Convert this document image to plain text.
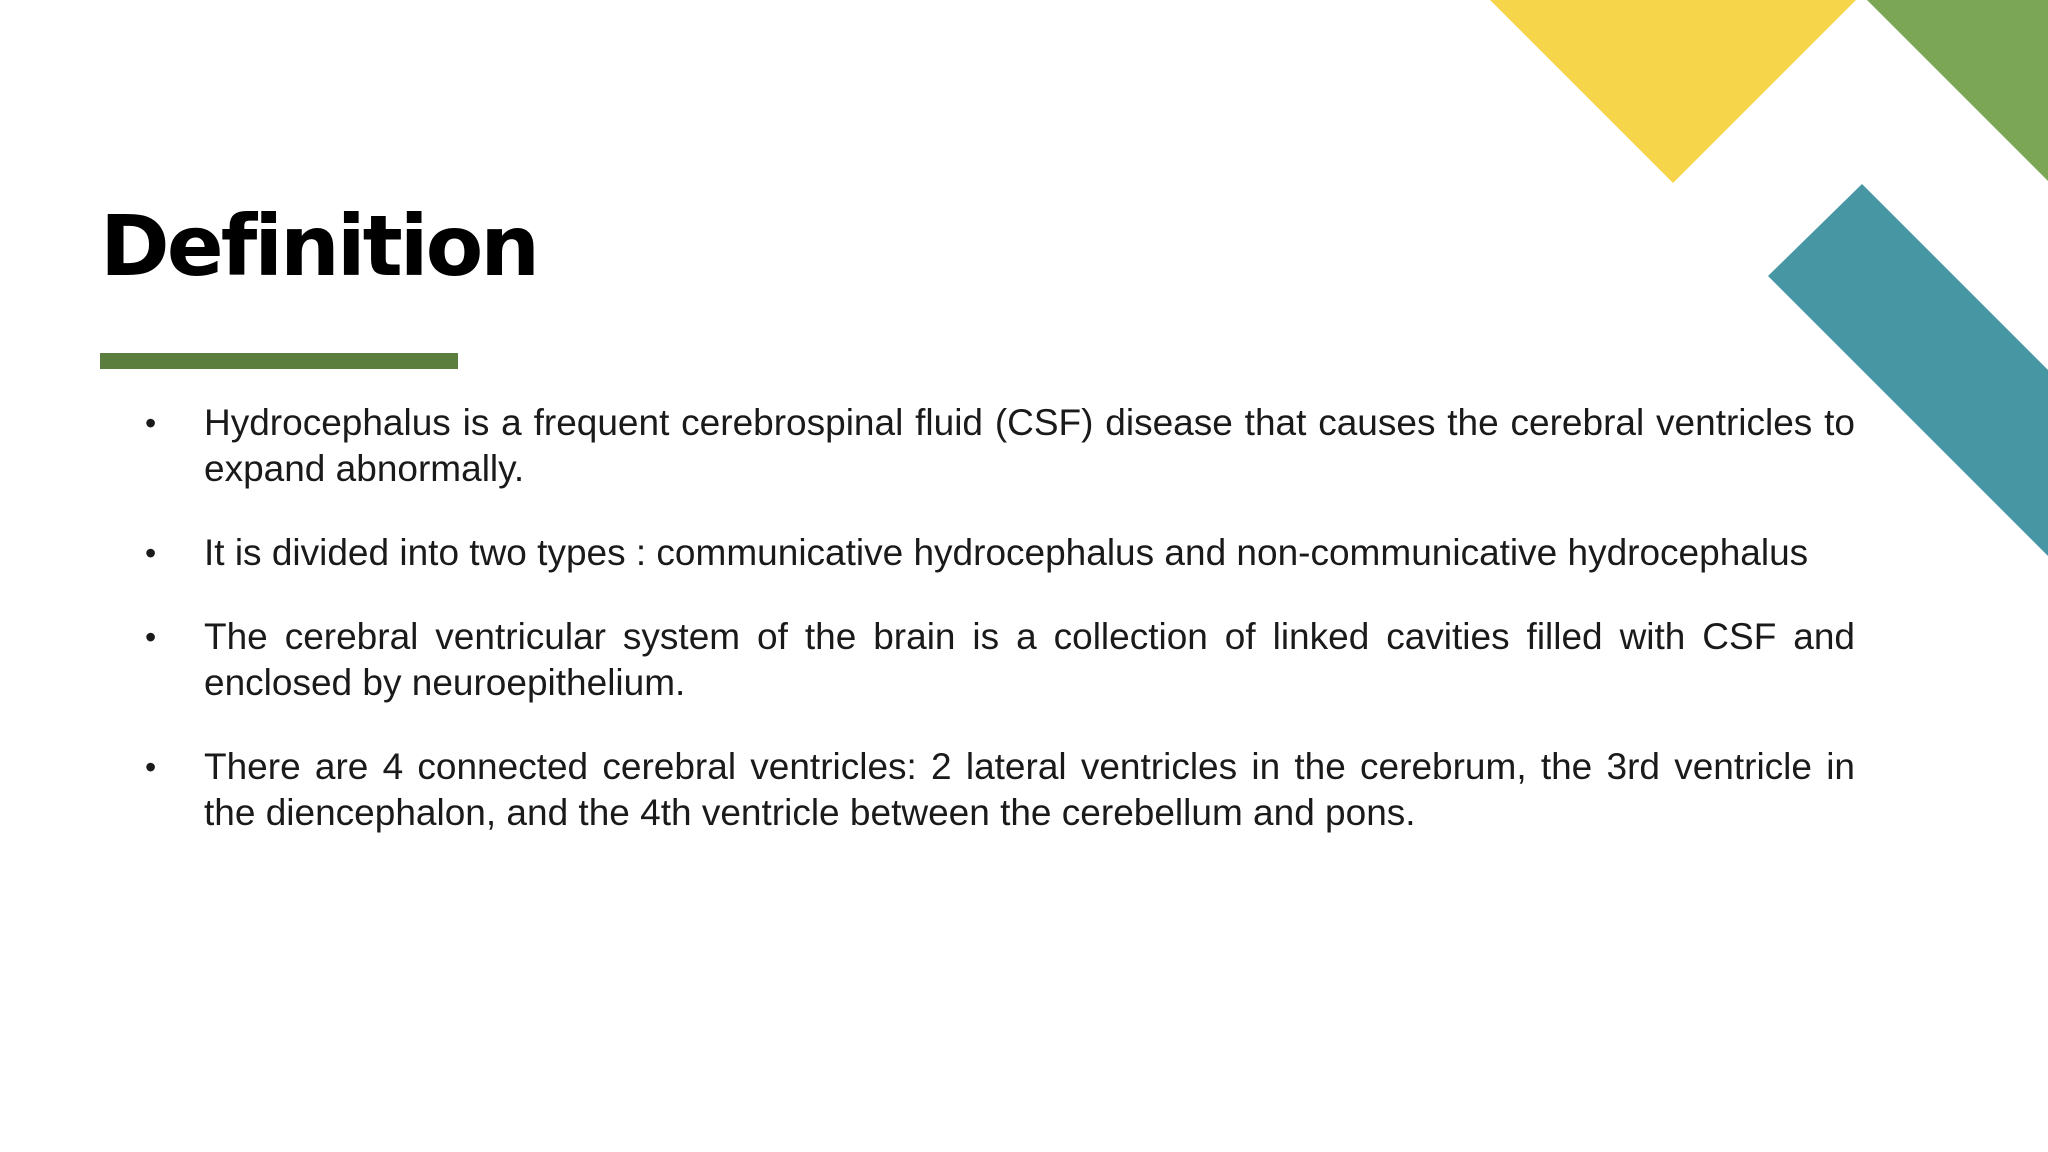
Definition
• Hydrocephalus is a frequent cerebrospinal fluid (CSF) disease that causes the cerebral ventricles to expand abnormally.
• It is divided into two types : communicative hydrocephalus and non-communicative hydrocephalus
• The cerebral ventricular system of the brain is a collection of linked cavities filled with CSF and enclosed by neuroepithelium.
• There are 4 connected cerebral ventricles: 2 lateral ventricles in the cerebrum, the 3rd ventricle in the diencephalon, and the 4th ventricle between the cerebellum and pons.
